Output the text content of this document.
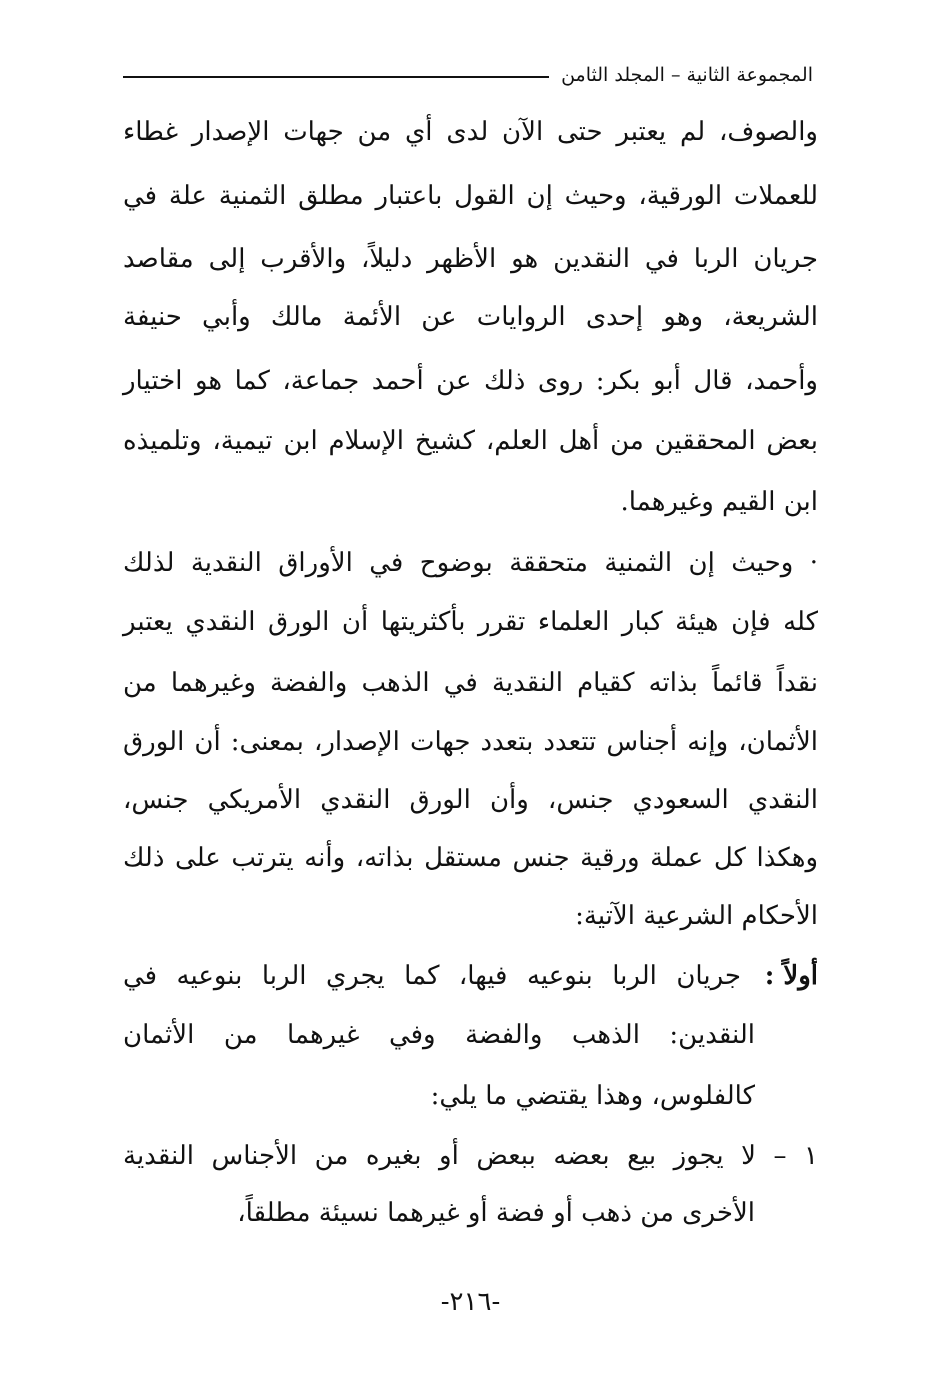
المجموعة الثانية – المجلد الثامن
والصوف، لم يعتبر حتى الآن لدى أي من جهات الإصدار غطاء
للعملات الورقية، وحيث إن القول باعتبار مطلق الثمنية علة في
جريان الربا في النقدين هو الأظهر دليلاً، والأقرب إلى مقاصد
الشريعة، وهو إحدى الروايات عن الأئمة مالك وأبي حنيفة
وأحمد، قال أبو بكر: روى ذلك عن أحمد جماعة، كما هو اختيار
بعض المحققين من أهل العلم، كشيخ الإسلام ابن تيمية، وتلميذه
ابن القيم وغيرهما.
· وحيث إن الثمنية متحققة بوضوح في الأوراق النقدية لذلك
كله فإن هيئة كبار العلماء تقرر بأكثريتها أن الورق النقدي يعتبر
نقداً قائماً بذاته كقيام النقدية في الذهب والفضة وغيرهما من
الأثمان، وإنه أجناس تتعدد بتعدد جهات الإصدار، بمعنى: أن الورق
النقدي السعودي جنس، وأن الورق النقدي الأمريكي جنس،
وهكذا كل عملة ورقية جنس مستقل بذاته، وأنه يترتب على ذلك
الأحكام الشرعية الآتية:
أولاً :
جريان الربا بنوعيه فيها، كما يجري الربا بنوعيه في
النقدين: الذهب والفضة وفي غيرهما من الأثمان
كالفلوس، وهذا يقتضي ما يلي:
١ – لا يجوز بيع بعضه ببعض أو بغيره من الأجناس النقدية
الأخرى من ذهب أو فضة أو غيرهما نسيئة مطلقاً،
-٢١٦-
